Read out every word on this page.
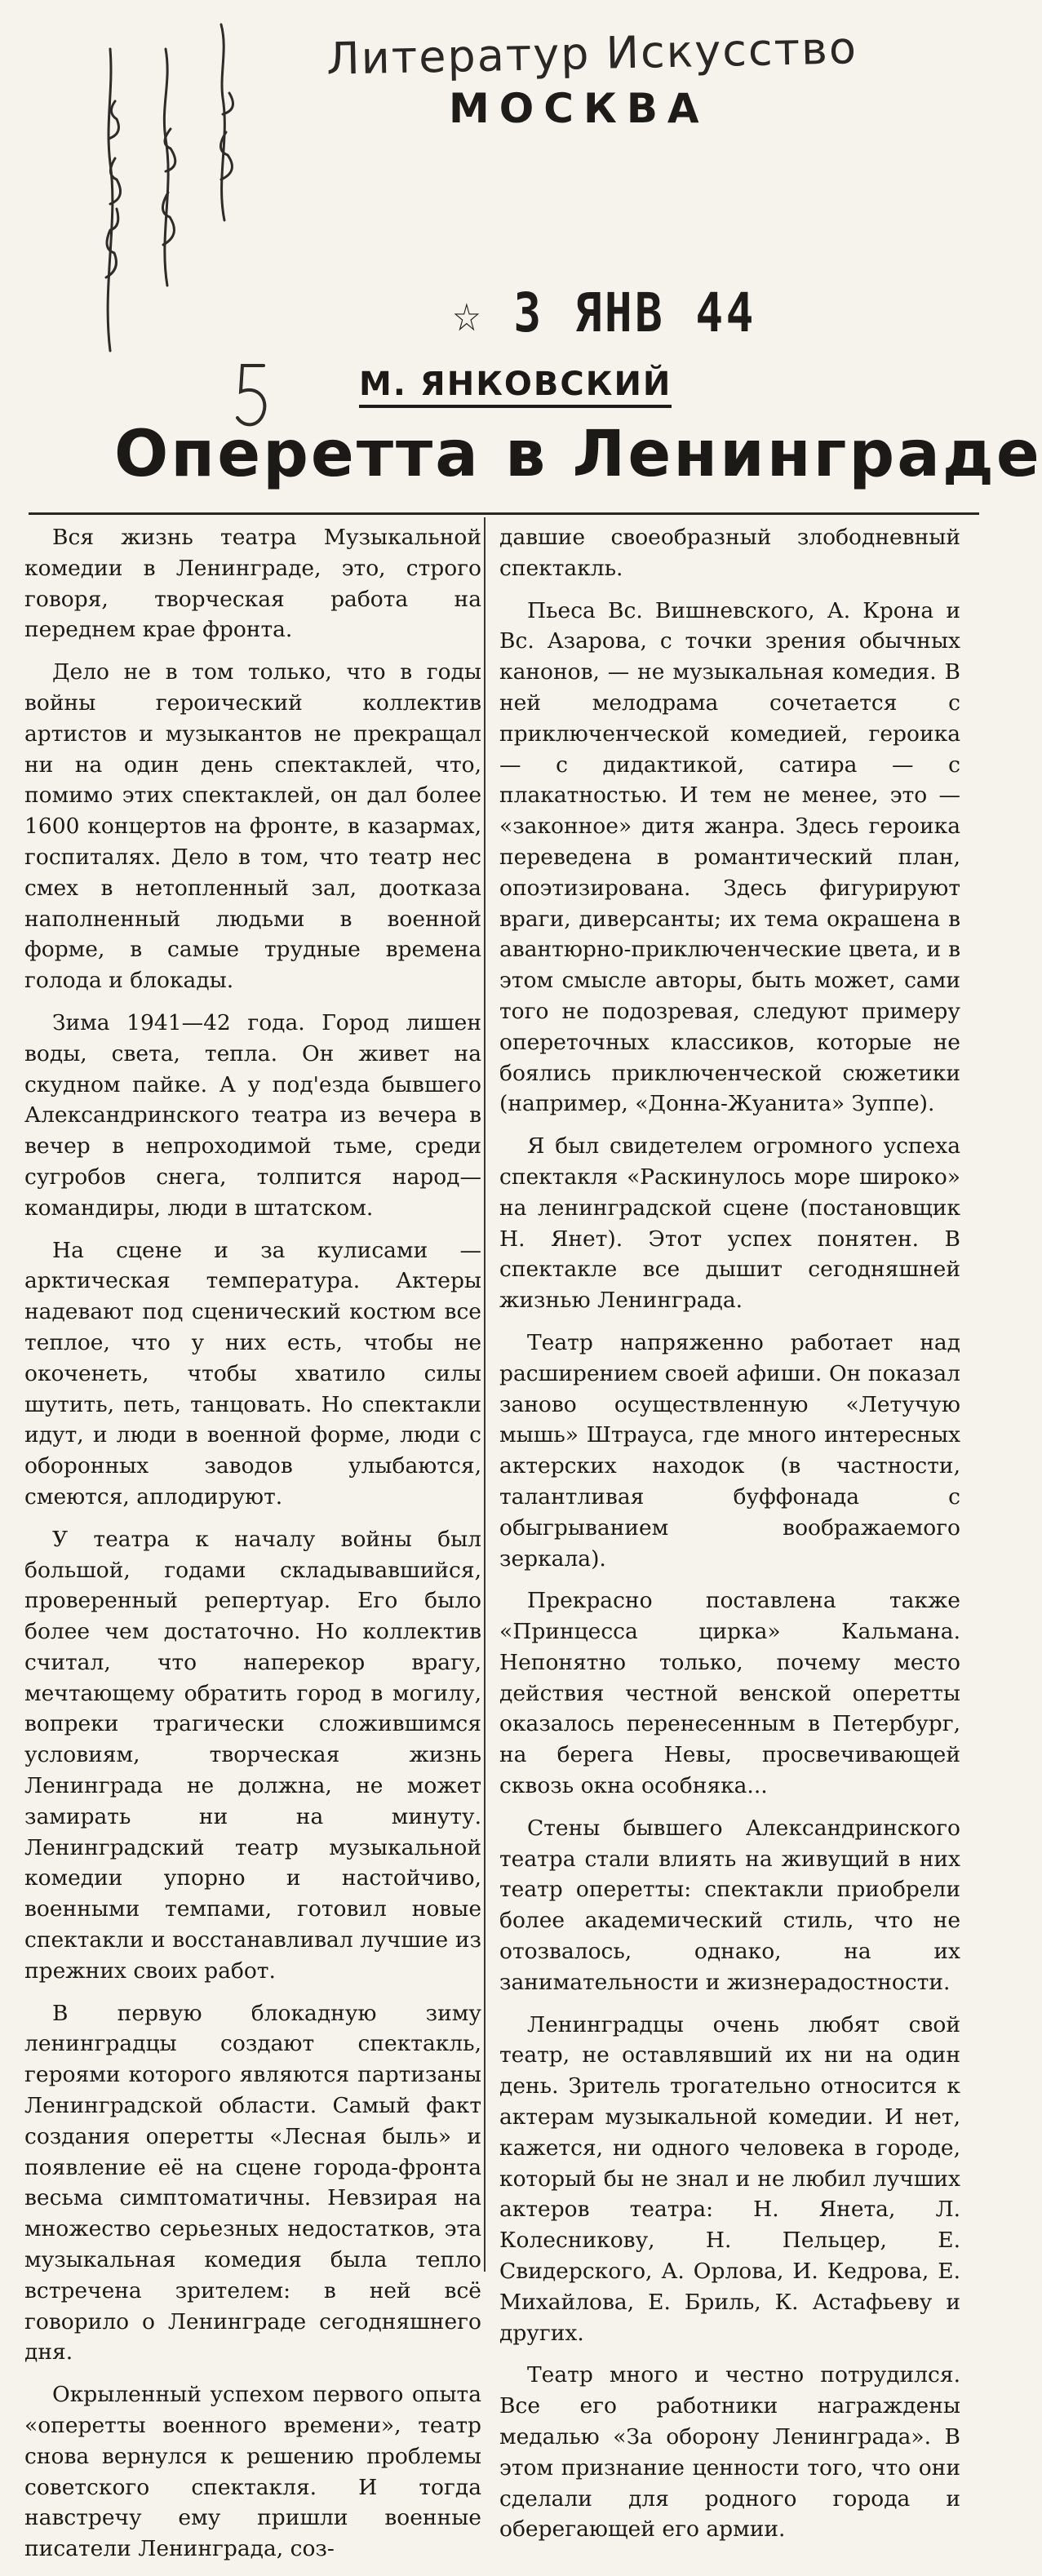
Литератур Искусство
МОСКВА
☆ 3 ЯНВ 44
М. ЯНКОВСКИЙ
Оперетта в Ленинграде

Вся жизнь театра Музыкальной комедии в Ленинграде, это, строго говоря, творческая работа на переднем крае фронта.

Дело не в том только, что в годы войны героический коллектив артистов и музыкантов не прекращал ни на один день спектаклей, что, помимо этих спектаклей, он дал более 1600 концертов на фронте, в казармах, госпиталях. Дело в том, что театр нес смех в нетопленный зал, доотказа наполненный людьми в военной форме, в самые трудные времена голода и блокады.

Зима 1941—42 года. Город лишен воды, света, тепла. Он живет на скудном пайке. А у под'езда бывшего Александринского театра из вечера в вечер в непроходимой тьме, среди сугробов снега, толпится народ—командиры, люди в штатском.

На сцене и за кулисами — арктическая температура. Актеры надевают под сценический костюм все теплое, что у них есть, чтобы не окоченеть, чтобы хватило силы шутить, петь, танцовать. Но спектакли идут, и люди в военной форме, люди с оборонных заводов улыбаются, смеются, аплодируют.

У театра к началу войны был большой, годами складывавшийся, проверенный репертуар. Его было более чем достаточно. Но коллектив считал, что наперекор врагу, мечтающему обратить город в могилу, вопреки трагически сложившимся условиям, творческая жизнь Ленинграда не должна, не может замирать ни на минуту. Ленинградский театр музыкальной комедии упорно и настойчиво, военными темпами, готовил новые спектакли и восстанавливал лучшие из прежних своих работ.

В первую блокадную зиму ленинградцы создают спектакль, героями которого являются партизаны Ленинградской области. Самый факт создания оперетты «Лесная быль» и появление её на сцене города-фронта весьма симптоматичны. Невзирая на множество серьезных недостатков, эта музыкальная комедия была тепло встречена зрителем: в ней всё говорило о Ленинграде сегодняшнего дня.

Окрыленный успехом первого опыта «оперетты военного времени», театр снова вернулся к решению проблемы советского спектакля. И тогда навстречу ему пришли военные писатели Ленинграда, соз-

давшие своеобразный злободневный спектакль.

Пьеса Вс. Вишневского, А. Крона и Вс. Азарова, с точки зрения обычных канонов, — не музыкальная комедия. В ней мелодрама сочетается с приключенческой комедией, героика — с дидактикой, сатира — с плакатностью. И тем не менее, это — «законное» дитя жанра. Здесь героика переведена в романтический план, опоэтизирована. Здесь фигурируют враги, диверсанты; их тема окрашена в авантюрно-приключенческие цвета, и в этом смысле авторы, быть может, сами того не подозревая, следуют примеру опереточных классиков, которые не боялись приключенческой сюжетики (например, «Донна-Жуанита» Зуппе).

Я был свидетелем огромного успеха спектакля «Раскинулось море широко» на ленинградской сцене (постановщик Н. Янет). Этот успех понятен. В спектакле все дышит сегодняшней жизнью Ленинграда.

Театр напряженно работает над расширением своей афиши. Он показал заново осуществленную «Летучую мышь» Штрауса, где много интересных актерских находок (в частности, талантливая буффонада с обыгрыванием воображаемого зеркала).

Прекрасно поставлена также «Принцесса цирка» Кальмана. Непонятно только, почему место действия честной венской оперетты оказалось перенесенным в Петербург, на берега Невы, просвечивающей сквозь окна особняка...

Стены бывшего Александринского театра стали влиять на живущий в них театр оперетты: спектакли приобрели более академический стиль, что не отозвалось, однако, на их занимательности и жизнерадостности.

Ленинградцы очень любят свой театр, не оставлявший их ни на один день. Зритель трогательно относится к актерам музыкальной комедии. И нет, кажется, ни одного человека в городе, который бы не знал и не любил лучших актеров театра: Н. Янета, Л. Колесникову, Н. Пельцер, Е. Свидерского, А. Орлова, И. Кедрова, Е. Михайлова, Е. Бриль, К. Астафьеву и других.

Театр много и честно потрудился. Все его работники награждены медалью «За оборону Ленинграда». В этом признание ценности того, что они сделали для родного города и оберегающей его армии.
